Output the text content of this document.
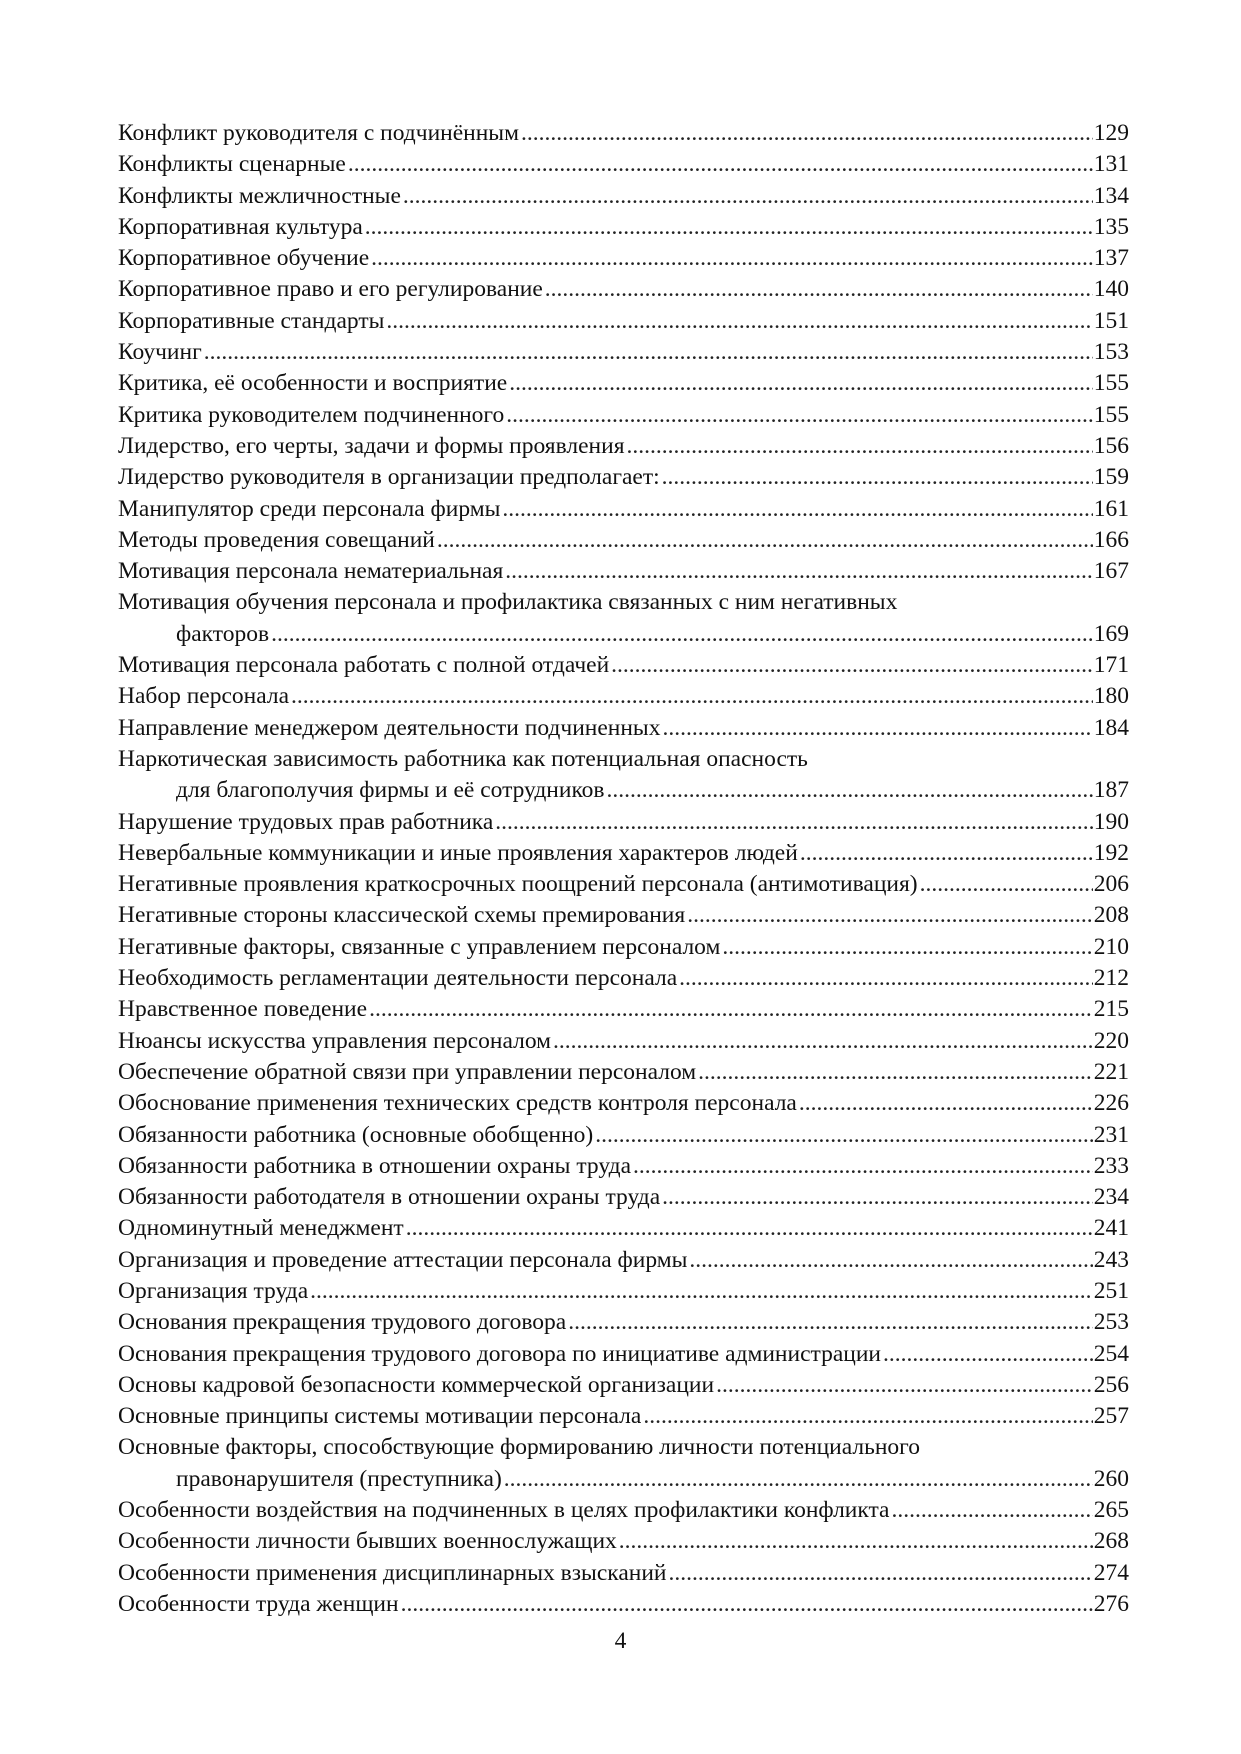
Конфликт руководителя с подчинённым .....	129
Конфликты сценарные .....	131
Конфликты межличностные .....	134
Корпоративная культура .....	135
Корпоративное обучение .....	137
Корпоративное право и его регулирование .....	140
Корпоративные стандарты .....	151
Коучинг .....	153
Критика, её особенности и восприятие .....	155
Критика руководителем подчиненного .....	155
Лидерство, его черты, задачи и формы проявления .....	156
Лидерство руководителя в организации предполагает: .....	159
Манипулятор среди персонала фирмы .....	161
Методы проведения совещаний .....	166
Мотивация персонала нематериальная .....	167
Мотивация обучения персонала и профилактика связанных с ним негативных
факторов .....	169
Мотивация персонала работать с полной отдачей .....	171
Набор персонала .....	180
Направление менеджером деятельности подчиненных .....	184
Наркотическая зависимость работника как потенциальная опасность
для благополучия фирмы и её сотрудников .....	187
Нарушение трудовых прав работника .....	190
Невербальные коммуникации и иные проявления характеров людей .....	192
Негативные проявления краткосрочных поощрений персонала (антимотивация) .....	206
Негативные стороны классической схемы премирования .....	208
Негативные факторы, связанные с управлением персоналом .....	210
Необходимость регламентации деятельности персонала .....	212
Нравственное поведение .....	215
Нюансы искусства управления персоналом .....	220
Обеспечение обратной связи при управлении персоналом .....	221
Обоснование применения технических средств контроля персонала .....	226
Обязанности работника (основные обобщенно) .....	231
Обязанности работника в отношении охраны труда .....	233
Обязанности работодателя в отношении охраны труда .....	234
Одноминутный менеджмент .....	241
Организация и проведение аттестации персонала фирмы .....	243
Организация труда .....	251
Основания прекращения трудового договора .....	253
Основания прекращения трудового договора по инициативе администрации .....	254
Основы кадровой безопасности коммерческой организации .....	256
Основные принципы системы мотивации персонала .....	257
Основные факторы, способствующие формированию личности потенциального
правонарушителя (преступника) .....	260
Особенности воздействия на подчиненных в целях профилактики конфликта .....	265
Особенности личности бывших военнослужащих .....	268
Особенности применения дисциплинарных взысканий .....	274
Особенности труда женщин .....	276
4
